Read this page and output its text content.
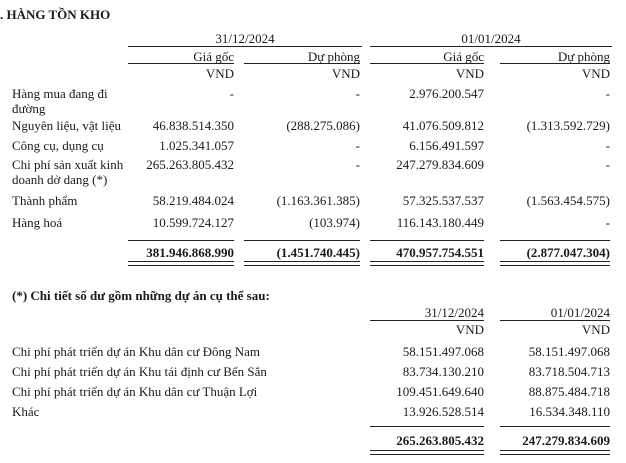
. HÀNG TỒN KHO
31/12/2024	01/01/2024
Giá gốc	Dự phòng	Giá gốc	Dự phòng
VND	VND	VND	VND
Hàng mua đang đi
đường
-	-	2.976.200.547	-
Nguyên liệu, vật liệu	46.838.514.350	(288.275.086)	41.076.509.812	(1.313.592.729)
Công cụ, dụng cụ	1.025.341.057	-	6.156.491.597	-
Chi phí sản xuất kinh
doanh dở dang (*)
265.263.805.432	-	247.279.834.609	-
Thành phẩm	58.219.484.024	(1.163.361.385)	57.325.537.537	(1.563.454.575)
Hàng hoá	10.599.724.127	(103.974)	116.143.180.449	-
381.946.868.990	(1.451.740.445)	470.957.754.551	(2.877.047.304)
(*) Chi tiết số dư gồm những dự án cụ thể sau:
31/12/2024	01/01/2024
VND	VND
Chi phí phát triển dự án Khu dân cư Đông Nam	58.151.497.068	58.151.497.068
Chi phí phát triển dự án Khu tái định cư Bến Sắn	83.734.130.210	83.718.504.713
Chi phí phát triển dự án Khu dân cư Thuận Lợi	109.451.649.640	88.875.484.718
Khác	13.926.528.514	16.534.348.110
265.263.805.432	247.279.834.609
